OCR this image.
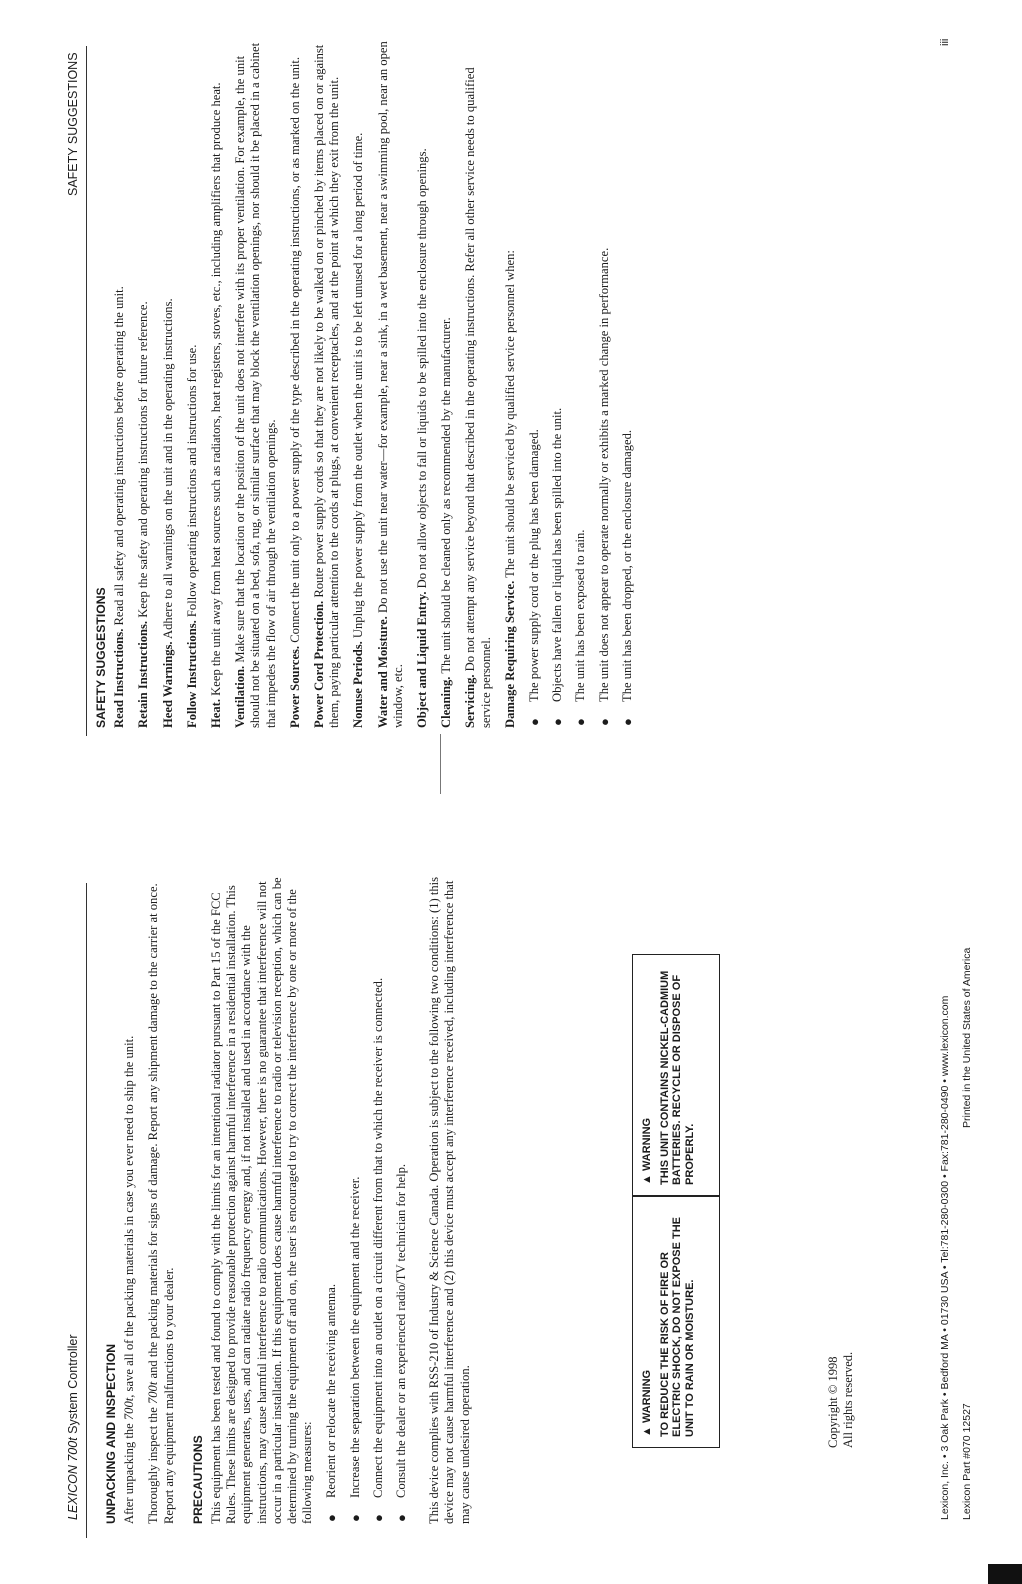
LEXICON 700t System Controller UNPACKING AND INSPECTION After unpacking the 700t, save all of the packing materials in case you ever need to ship the unit.

Thoroughly inspect the 700t and the packing materials for signs of damage. Report any shipment damage to the carrier at once. Report any equipment malfunctions to your dealer. PRECAUTIONS This equipment has been tested and found to comply with the limits for an intentional radiator pursuant to Part 15 of the FCC Rules. These limits are designed to provide reasonable protection against harmful interference in a residential installation. This equipment generates, uses, and can radiate radio frequency energy and, if not installed and used in accordance with the instructions, may cause harmful interference to radio communications. However, there is no guarantee that interference will not occur in a particular installation. If this equipment does cause harmful interference to radio or television reception, which can be determined by turning the equipment off and on, the user is encouraged to try to correct the interference by one or more of the following measures: ●
Reorient or relocate the receiving antenna.
●
Increase the separation between the equipment and the receiver.
●
Connect the equipment into an outlet on a circuit different from that to which the receiver is connected.
●
Consult the dealer or an experienced radio/TV technician for help. This device complies with RSS-210 of Industry & Science Canada. Operation is subject to the following two conditions: (1) this device may not cause harmful interference and (2) this device must accept any interference received, including interference that may cause undesired operation.	▲ WARNING TO REDUCE THE RISK OF FIRE OR ELECTRIC SHOCK, DO NOT EXPOSE THE UNIT TO RAIN OR MOISTURE.
▲ WARNING THIS UNIT CONTAINS NICKEL-CADMIUM BATTERIES. RECYCLE OR DISPOSE OF PROPERLY.
Copyright © 1998 All rights reserved.	Lexicon, Inc. • 3 Oak Park • Bedford MA • 01730 USA • Tel:781-280-0300 • Fax:781-280-0490 • www.lexicon.com Lexicon Part #070 12527
Printed in the United States of America
SAFETY SUGGESTIONS
SAFETY SUGGESTIONS Read Instructions. Read all safety and operating instructions before operating the unit.

Retain Instructions. Keep the safety and operating instructions for future reference.

Heed Warnings. Adhere to all warnings on the unit and in the operating instructions.

Follow Instructions. Follow operating instructions and instructions for use.

Heat. Keep the unit away from heat sources such as radiators, heat registers, stoves, etc., including amplifiers that produce heat. Ventilation. Make sure that the location or the position of the unit does not interfere with its proper ventilation. For example, the unit should not be situated on a bed, sofa, rug, or similar surface that may block the ventilation openings, nor should it be placed in a cabinet that impedes the flow of air through the ventilation openings. Power Sources. Connect the unit only to a power supply of the type described in the operating instructions, or as marked on the unit.

Power Cord Protection. Route power supply cords so that they are not likely to be walked on or pinched by items placed on or against them, paying particular attention to the cords at plugs, at convenient receptacles, and at the point at which they exit from the unit. Nonuse Periods. Unplug the power supply from the outlet when the unit is to be left unused for a long period of time.

Water and Moisture. Do not use the unit near water—for example, near a sink, in a wet basement, near a swimming pool, near an open window, etc. Object and Liquid Entry. Do not allow objects to fall or liquids to be spilled into the enclosure through openings.

Cleaning. The unit should be cleaned only as recommended by the manufacturer.

Servicing. Do not attempt any service beyond that described in the operating instructions. Refer all other service needs to qualified service personnel. Damage Requiring Service. The unit should be serviced by qualified service personnel when:

●
The power supply cord or the plug has been damaged.
●
Objects have fallen or liquid has been spilled into the unit.
●
The unit has been exposed to rain.
●
The unit does not appear to operate normally or exhibits a marked change in performance.
●
The unit has been dropped, or the enclosure damaged.
iii
